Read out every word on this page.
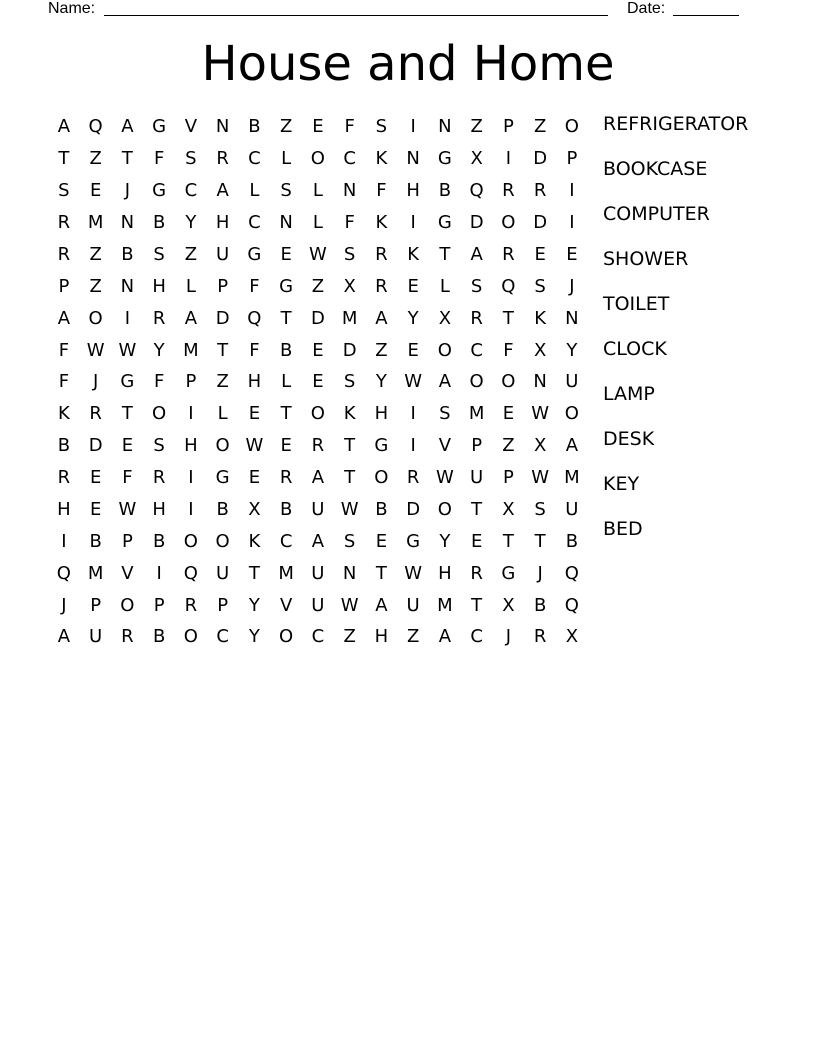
Name:	Date:
House and Home
A	Q	A	G	V	N	B	Z	E	F	S	I	N	Z	P	Z	O
T	Z	T	F	S	R	C	L	O	C	K	N	G	X	I	D	P
S	E	J	G	C	A	L	S	L	N	F	H	B	Q	R	R	I
R M N	B	Y	H	C	N	L	F	K	I	G D O D	I
R	Z	B	S	Z	U	G	E W S	R	K	T	A	R	E	E
P	Z	N	H	L	P	F	G	Z	X	R	E	L	S	Q	S	J
A	O	I	R	A	D Q	T	D M A	Y	X	R	T	K	N
F W W Y	M	T	F	B	E	D	Z	E	O	C	F	X	Y
F	J	G	F	P	Z	H	L	E	S	Y W A	O O N	U
K	R	T	O	I	L	E	T	O	K	H	I	S	M	E W O
B	D	E	S	H O W E	R	T	G	I	V	P	Z	X	A
R	E	F	R	I	G	E	R	A	T	O	R W U	P W M
H	E W H	I	B	X	B	U W B	D O	T	X	S	U
I	B	P	B	O O	K	C	A	S	E	G	Y	E	T	T	B
Q M V	I	Q	U	T	M U	N	T W H	R	G	J	Q
J	P	O	P	R	P	Y	V	U W A	U M	T	X	B	Q
A	U	R	B	O	C	Y	O	C	Z	H	Z	A	C	J	R	X
REFRIGERATOR
BOOKCASE
COMPUTER
SHOWER
TOILET
CLOCK
LAMP
DESK
KEY
BED
